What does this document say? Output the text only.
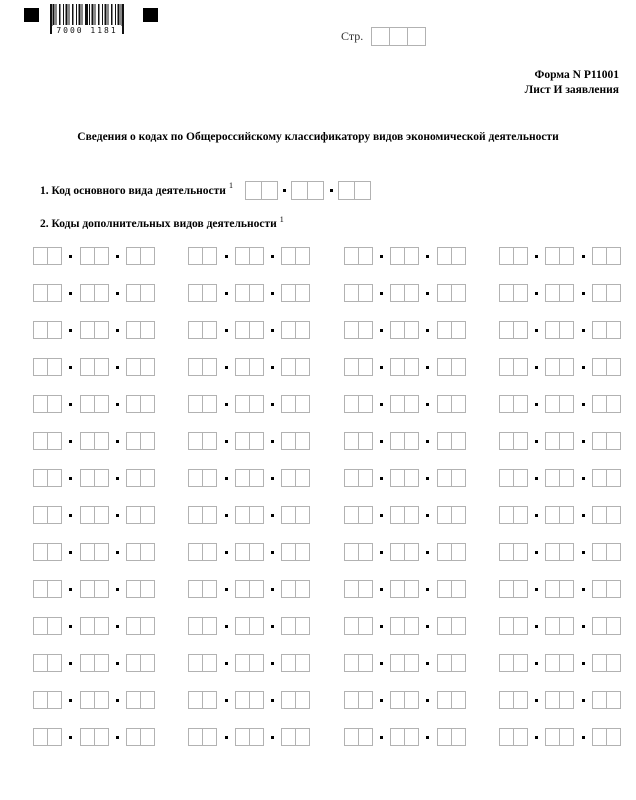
7000 1181	Стр.
Форма N Р11001
Лист И заявления
Сведения о кодах по Общероссийскому классификатору видов экономической деятельности
1. Код основного вида деятельности 1
2. Коды дополнительных видов деятельности $^1$
